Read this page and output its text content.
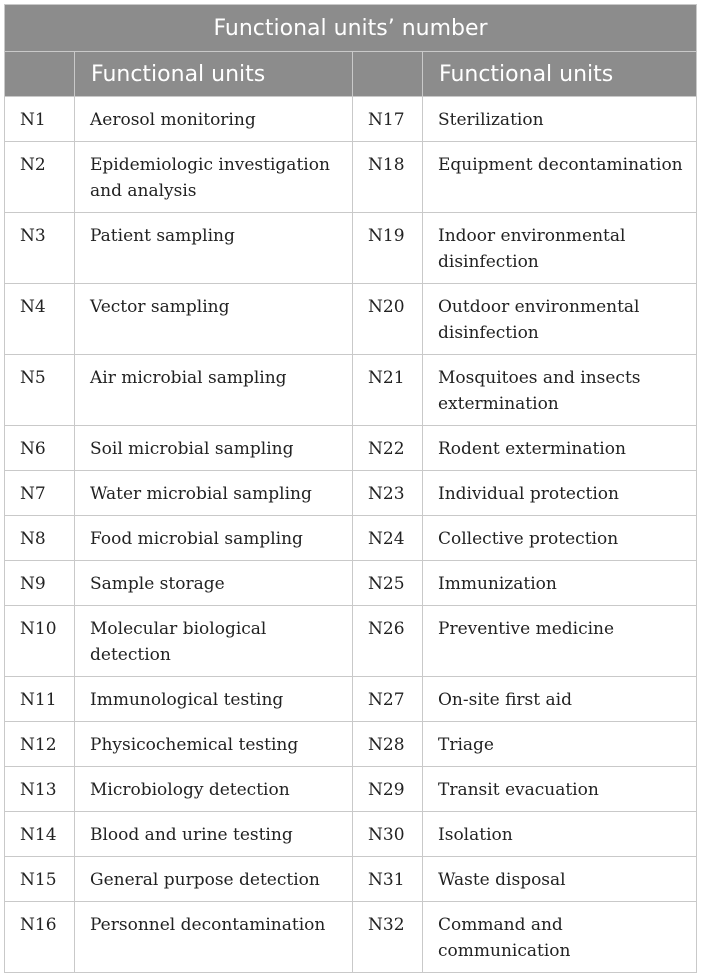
Functional units’ number			
	Functional units		Functional units
N1	Aerosol monitoring	N17	Sterilization
N2	Epidemiologic investigation and analysis	N18	Equipment decontamination
N3	Patient sampling	N19	Indoor environmental disinfection
N4	Vector sampling	N20	Outdoor environmental disinfection
N5	Air microbial sampling	N21	Mosquitoes and insects extermination
N6	Soil microbial sampling	N22	Rodent extermination
N7	Water microbial sampling	N23	Individual protection
N8	Food microbial sampling	N24	Collective protection
N9	Sample storage	N25	Immunization
N10	Molecular biological detection	N26	Preventive medicine
N11	Immunological testing	N27	On-site first aid
N12	Physicochemical testing	N28	Triage
N13	Microbiology detection	N29	Transit evacuation
N14	Blood and urine testing	N30	Isolation
N15	General purpose detection	N31	Waste disposal
N16	Personnel decontamination	N32	Command and communication
